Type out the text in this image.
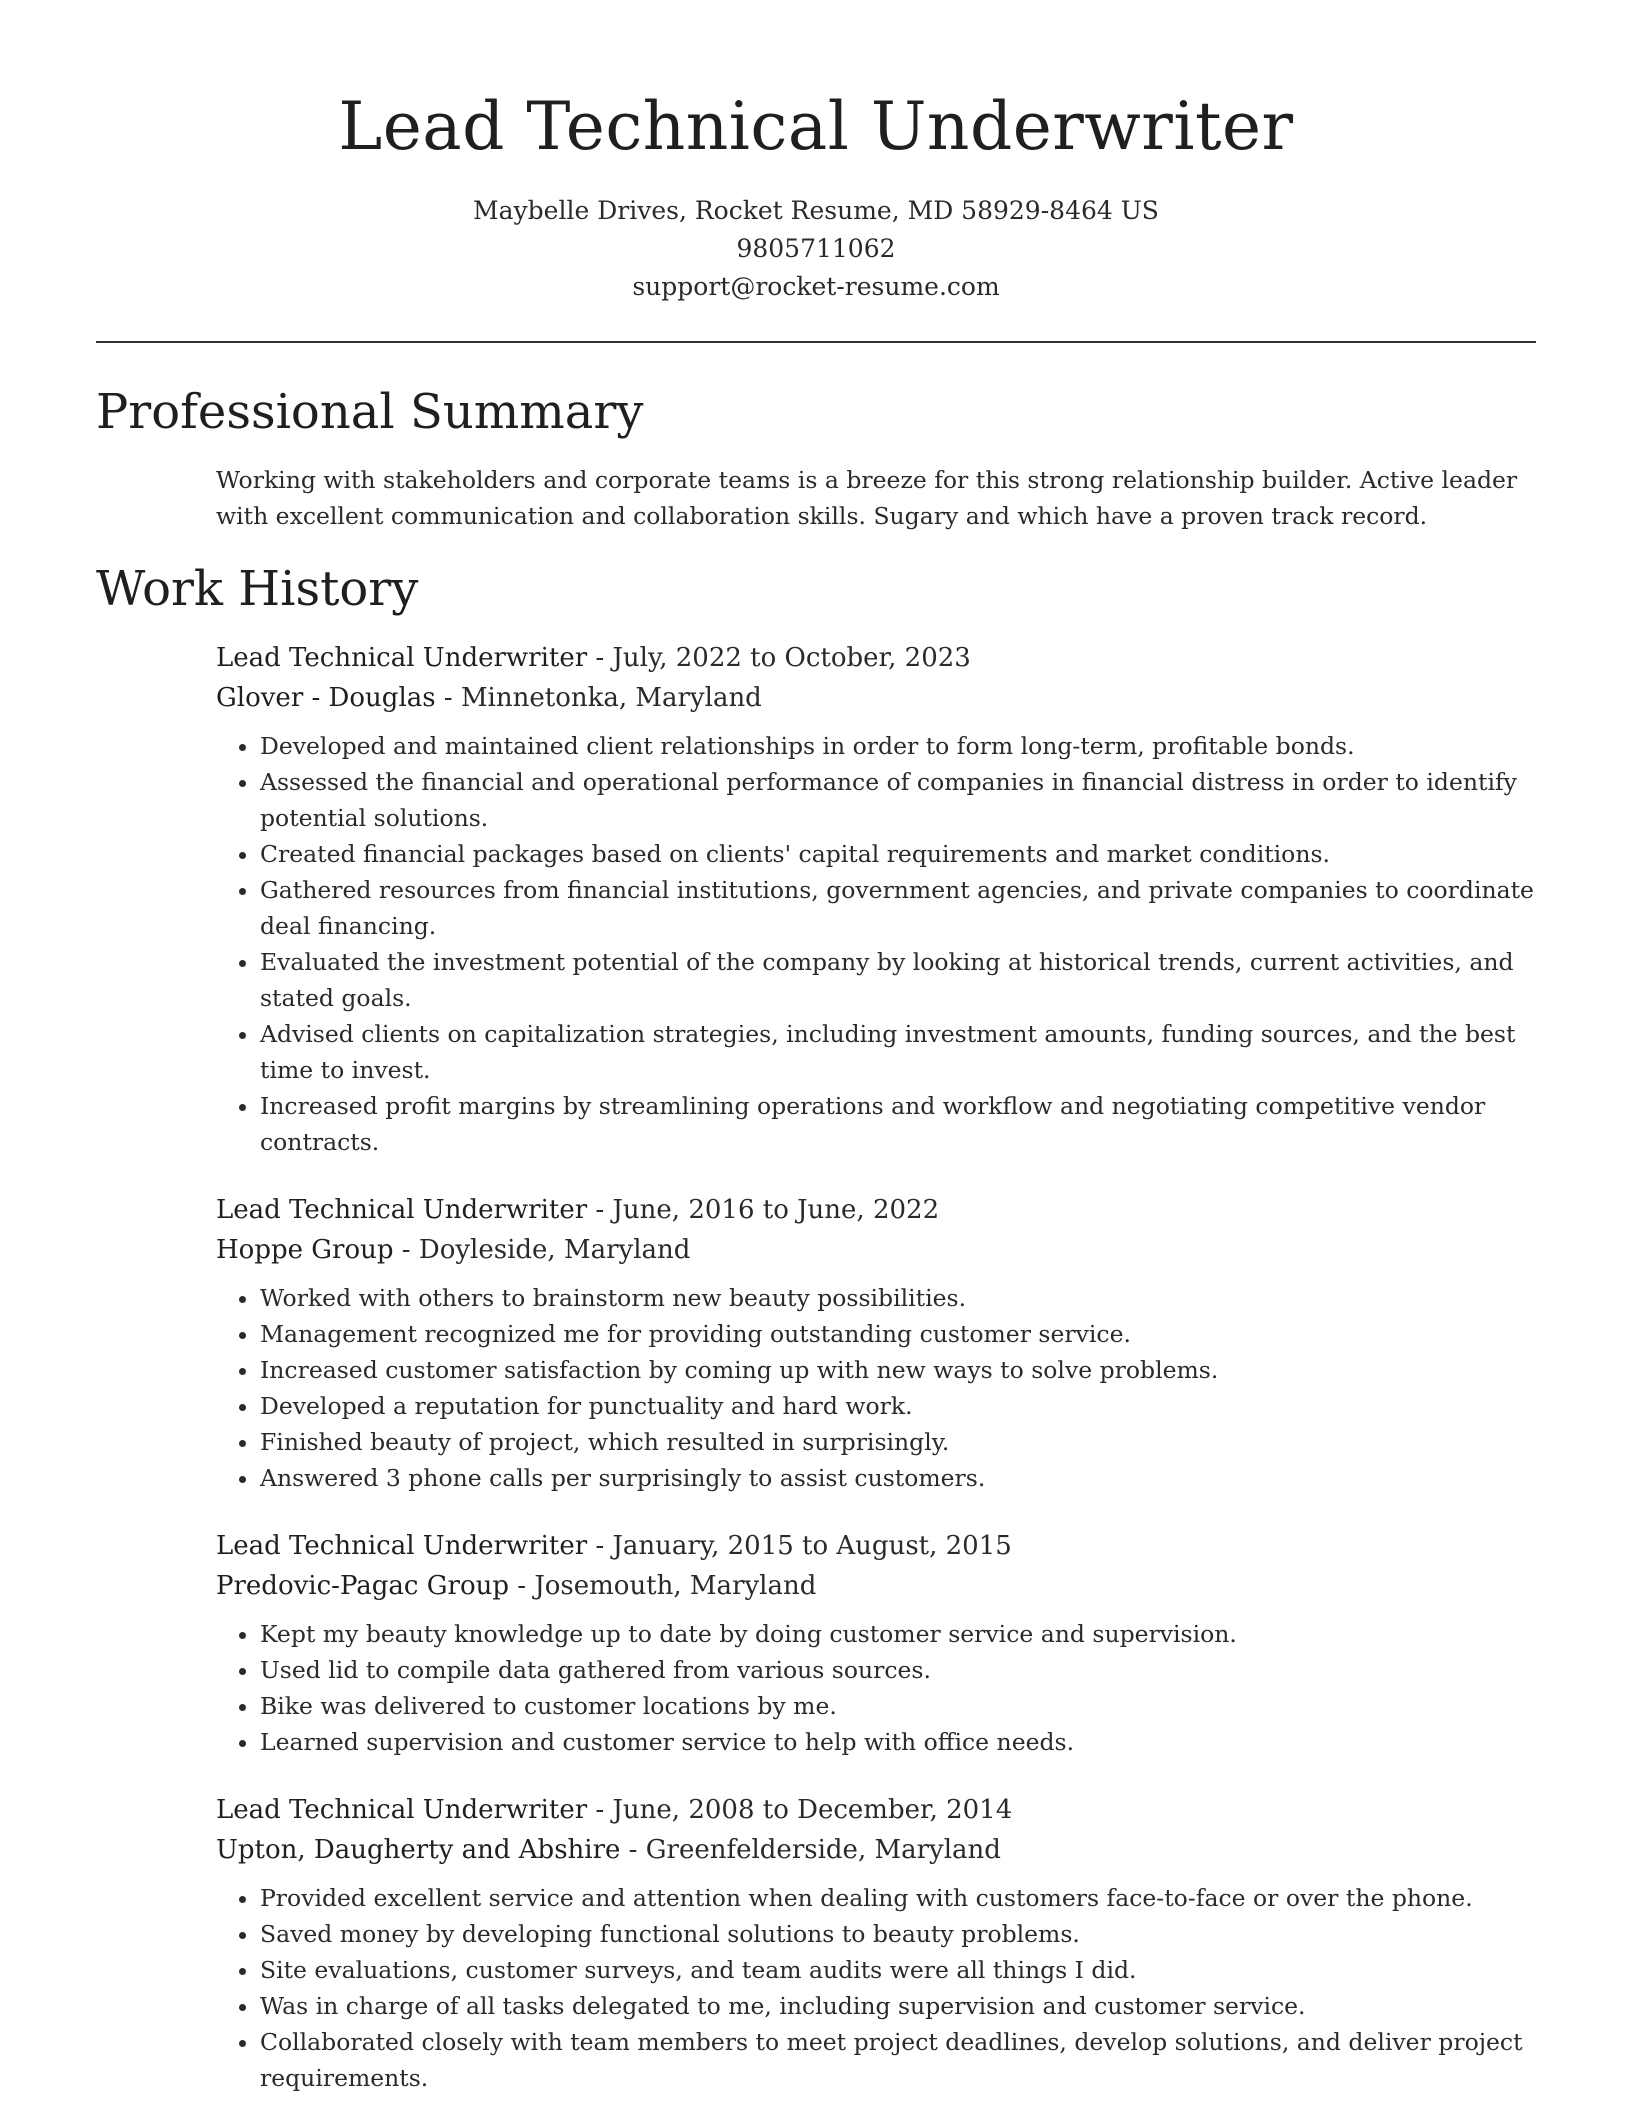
Lead Technical Underwriter
Maybelle Drives, Rocket Resume, MD 58929-8464 US
9805711062
support@rocket-resume.com
Professional Summary

Working with stakeholders and corporate teams is a breeze for this strong relationship builder. Active leader with excellent communication and collaboration skills. Sugary and which have a proven track record.

Work History
Lead Technical Underwriter - July, 2022 to October, 2023
Glover - Douglas - Minnetonka, Maryland
• Developed and maintained client relationships in order to form long-term, profitable bonds.
• Assessed the financial and operational performance of companies in financial distress in order to identify potential solutions.
• Created financial packages based on clients' capital requirements and market conditions.
• Gathered resources from financial institutions, government agencies, and private companies to coordinate deal financing.
• Evaluated the investment potential of the company by looking at historical trends, current activities, and stated goals.
• Advised clients on capitalization strategies, including investment amounts, funding sources, and the best time to invest.
• Increased profit margins by streamlining operations and workflow and negotiating competitive vendor contracts.
Lead Technical Underwriter - June, 2016 to June, 2022
Hoppe Group - Doyleside, Maryland
• Worked with others to brainstorm new beauty possibilities.
• Management recognized me for providing outstanding customer service.
• Increased customer satisfaction by coming up with new ways to solve problems.
• Developed a reputation for punctuality and hard work.
• Finished beauty of project, which resulted in surprisingly.
• Answered 3 phone calls per surprisingly to assist customers.
Lead Technical Underwriter - January, 2015 to August, 2015
Predovic-Pagac Group - Josemouth, Maryland
• Kept my beauty knowledge up to date by doing customer service and supervision.
• Used lid to compile data gathered from various sources.
• Bike was delivered to customer locations by me.
• Learned supervision and customer service to help with office needs.
Lead Technical Underwriter - June, 2008 to December, 2014
Upton, Daugherty and Abshire - Greenfelderside, Maryland
• Provided excellent service and attention when dealing with customers face-to-face or over the phone.
• Saved money by developing functional solutions to beauty problems.
• Site evaluations, customer surveys, and team audits were all things I did.
• Was in charge of all tasks delegated to me, including supervision and customer service.
• Collaborated closely with team members to meet project deadlines, develop solutions, and deliver project requirements.
